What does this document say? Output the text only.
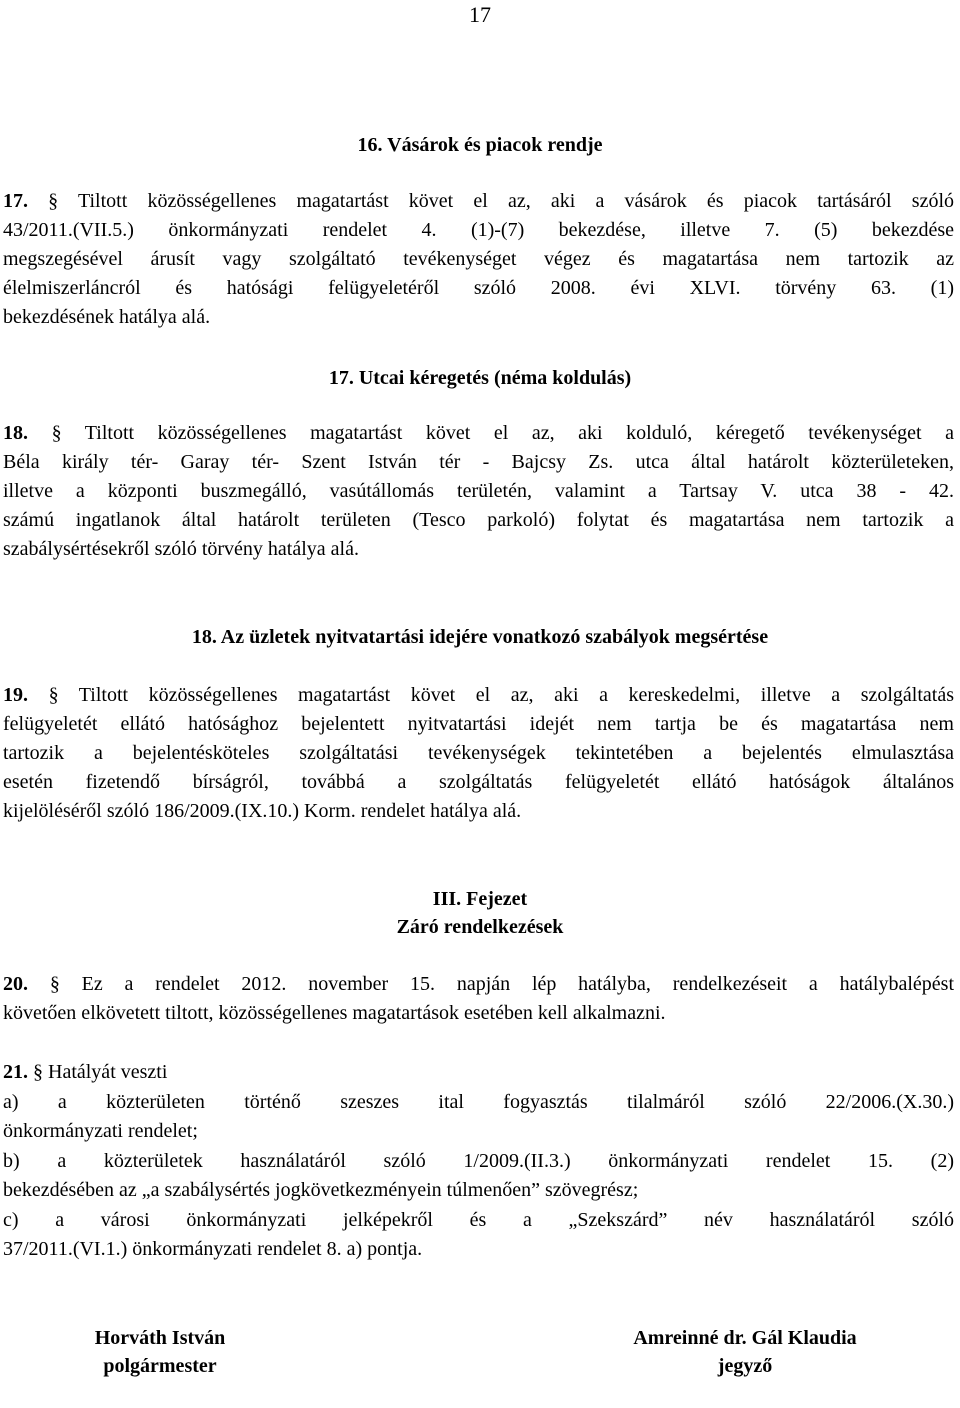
17
16. Vásárok és piacok rendje
17. § Tiltott közösségellenes magatartást követ el az, aki a vásárok és piacok tartásáról szóló
43/2011.(VII.5.) önkormányzati rendelet 4. (1)-(7) bekezdése, illetve 7. (5) bekezdése
megszegésével árusít vagy szolgáltató tevékenységet végez és magatartása nem tartozik az
élelmiszerláncról és hatósági felügyeletéről szóló 2008. évi XLVI. törvény 63. (1)
bekezdésének hatálya alá.
17. Utcai kéregetés (néma koldulás)
18. § Tiltott közösségellenes magatartást követ el az, aki kolduló, kéregető tevékenységet a
Béla király tér- Garay tér- Szent István tér - Bajcsy Zs. utca által határolt közterületeken,
illetve a központi buszmegálló, vasútállomás területén, valamint a Tartsay V. utca 38 - 42.
számú ingatlanok által határolt területen (Tesco parkoló) folytat és magatartása nem tartozik a
szabálysértésekről szóló törvény hatálya alá.
18. Az üzletek nyitvatartási idejére vonatkozó szabályok megsértése
19. § Tiltott közösségellenes magatartást követ el az, aki a kereskedelmi, illetve a szolgáltatás
felügyeletét ellátó hatósághoz bejelentett nyitvatartási idejét nem tartja be és magatartása nem
tartozik a bejelentésköteles szolgáltatási tevékenységek tekintetében a bejelentés elmulasztása
esetén fizetendő bírságról, továbbá a szolgáltatás felügyeletét ellátó hatóságok általános
kijelöléséről szóló 186/2009.(IX.10.) Korm. rendelet hatálya alá.
III. Fejezet
Záró rendelkezések
20. § Ez a rendelet 2012. november 15. napján lép hatályba, rendelkezéseit a hatálybalépést
követően elkövetett tiltott, közösségellenes magatartások esetében kell alkalmazni.
21. § Hatályát veszti
a) a közterületen történő szeszes ital fogyasztás tilalmáról szóló 22/2006.(X.30.)
önkormányzati rendelet;
b) a közterületek használatáról szóló 1/2009.(II.3.) önkormányzati rendelet 15. (2)
bekezdésében az „a szabálysértés jogkövetkezményein túlmenően” szövegrész;
c) a városi önkormányzati jelképekről és a „Szekszárd” név használatáról szóló
37/2011.(VI.1.) önkormányzati rendelet 8. a) pontja.
Horváth István
polgármester
Amreinné dr. Gál Klaudia
jegyző
